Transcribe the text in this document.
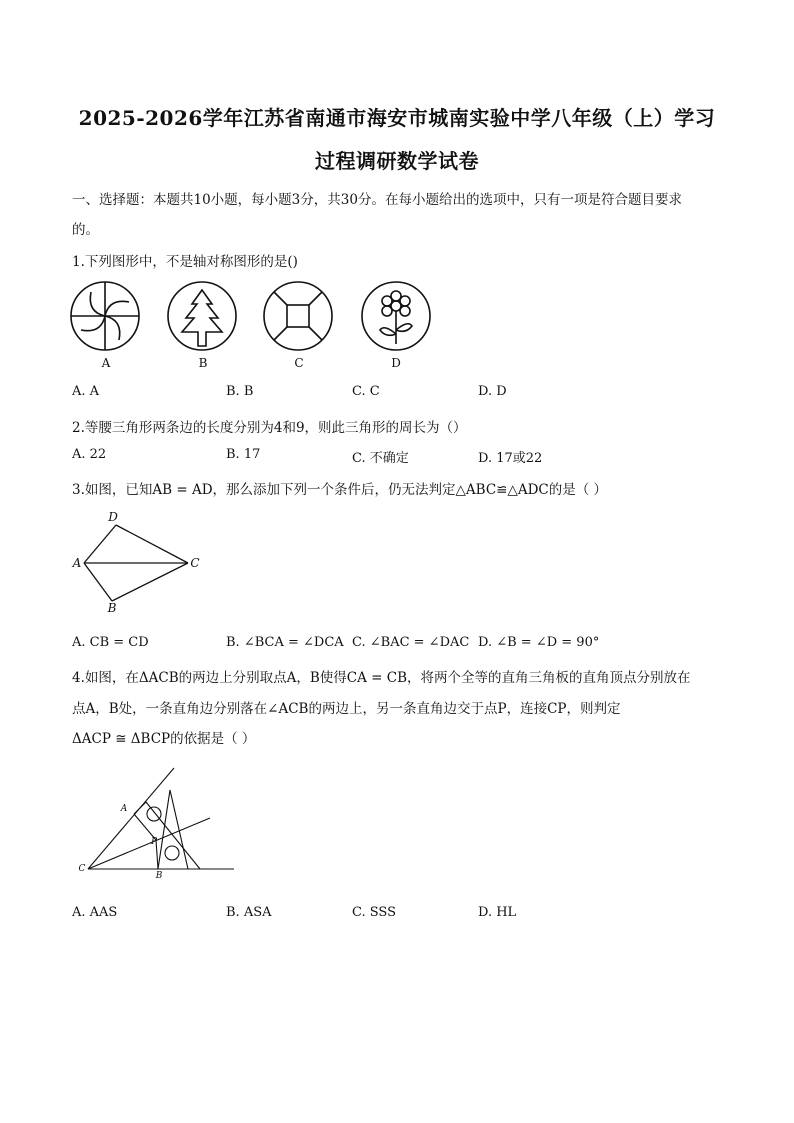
2025-2026学年江苏省南通市海安市城南实验中学八年级（上）学习
过程调研数学试卷
一、选择题：本题共10小题，每小题3分，共30分。在每小题给出的选项中，只有一项是符合题目要求
的。
1.下列图形中，不是轴对称图形的是()
A	B	C	D
A. A	B. B	C. C	D. D
2.等腰三角形两条边的长度分别为4和9，则此三角形的周长为（）
A. 22	B. 17	C. 不确定	D. 17或22
3.如图，已知AB = AD，那么添加下列一个条件后，仍无法判定△ABC≌△ADC的是（ ）
D
A	C
B
A. CB = CD	B. ∠BCA = ∠DCA C. ∠BAC = ∠DAC D. ∠B = ∠D = 90°
4.如图，在ΔACB的两边上分别取点A，B使得CA = CB，将两个全等的直角三角板的直角顶点分别放在
点A，B处，一条直角边分别落在∠ACB的两边上，另一条直角边交于点P，连接CP，则判定
ΔACP ≅ ΔBCP的依据是（ ）
A
P
C
B
A. AAS	B. ASA	C. SSS	D. HL
